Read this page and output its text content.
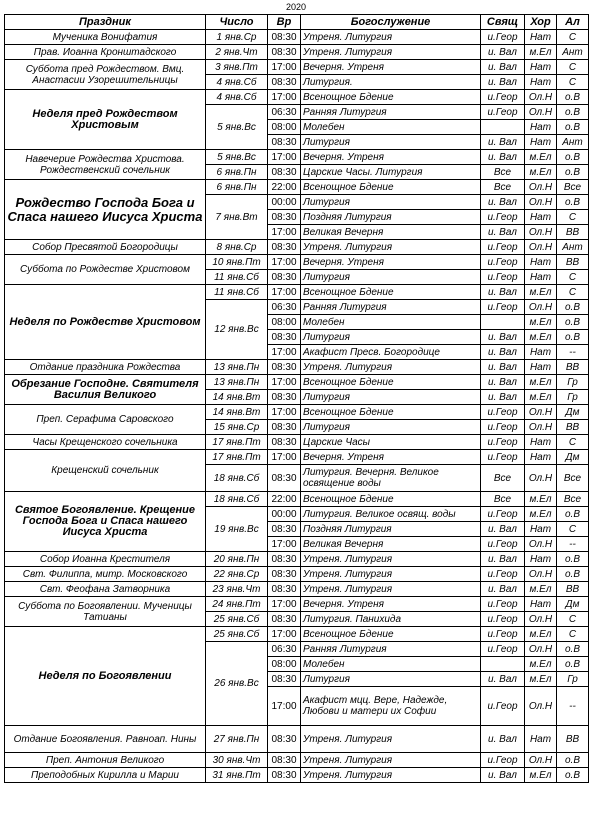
2020
Праздник	Число	Вр	Богослужение	Свящ	Хор	Ал
Мученика Вонифатия	1 янв.Ср	08:30	Утреня. Литургия	и.Геор	Нат	С
Прав. Иоанна Кронштадского	2 янв.Чт	08:30	Утреня. Литургия	и. Вал	м.Ел	Ант
Суббота пред Рождеством. Вмц. Анастасии Узорешительницы	3 янв.Пт	17:00	Вечерня. Утреня	и. Вал	Нат	С
	4 янв.Сб	08:30	Литургия.	и. Вал	Нат	С
Неделя пред Рождеством Христовым	4 янв.Сб	17:00	Всенощное Бдение	и.Геор	Ол.Н	о.В
	5 янв.Вс	06:30	Ранняя Литургия	и.Геор	Ол.Н	о.В
		08:00	Молебен		Нат	о.В
		08:30	Литургия	и. Вал	Нат	Ант
Навечерие Рождества Христова. Рождественский сочельник	5 янв.Вс	17:00	Вечерня. Утреня	и. Вал	м.Ел	о.В
	6 янв.Пн	08:30	Царские Часы. Литургия	Все	м.Ел	о.В
Рождество Господа Бога и Спаса нашего Иисуса Христа	6 янв.Пн	22:00	Всенощное Бдение	Все	Ол.Н	Все
	7 янв.Вт	00:00	Литургия	и. Вал	Ол.Н	о.В
		08:30	Поздняя Литургия	и.Геор	Нат	С
		17:00	Великая Вечерня	и. Вал	Ол.Н	ВВ
Собор Пресвятой Богородицы	8 янв.Ср	08:30	Утреня. Литургия	и.Геор	Ол.Н	Ант
Суббота по Рождестве Христовом	10 янв.Пт	17:00	Вечерня. Утреня	и.Геор	Нат	ВВ
	11 янв.Сб	08:30	Литургия	и.Геор	Нат	С
Неделя по Рождестве Христовом	11 янв.Сб	17:00	Всенощное Бдение	и. Вал	м.Ел	С
	12 янв.Вс	06:30	Ранняя Литургия	и.Геор	Ол.Н	о.В
		08:00	Молебен		м.Ел	о.В
		08:30	Литургия	и. Вал	м.Ел	о.В
		17:00	Акафист Пресв. Богородице	и. Вал	Нат	--
Отдание праздника Рождества	13 янв.Пн	08:30	Утреня. Литургия	и. Вал	Нат	ВВ
Обрезание Господне. Святителя Василия Великого	13 янв.Пн	17:00	Всенощное Бдение	и. Вал	м.Ел	Гр
	14 янв.Вт	08:30	Литургия	и. Вал	м.Ел	Гр
Преп. Серафима Саровского	14 янв.Вт	17:00	Всенощное Бдение	и.Геор	Ол.Н	Дм
	15 янв.Ср	08:30	Литургия	и.Геор	Ол.Н	ВВ
Часы Крещенского сочельника	17 янв.Пт	08:30	Царские Часы	и.Геор	Нат	С
Крещенский сочельник	17 янв.Пт	17:00	Вечерня. Утреня	и.Геор	Нат	Дм
	18 янв.Сб	08:30	Литургия. Вечерня. Великое освящение воды	Все	Ол.Н	Все
Святое Богоявление. Крещение Господа Бога и Спаса нашего Иисуса Христа	18 янв.Сб	22:00	Всенощное Бдение	Все	м.Ел	Все
	19 янв.Вс	00:00	Литургия. Великое освящ. воды	и.Геор	м.Ел	о.В
		08:30	Поздняя Литургия	и. Вал	Нат	С
		17:00	Великая Вечерня	и.Геор	Ол.Н	--
Собор Иоанна Крестителя	20 янв.Пн	08:30	Утреня. Литургия	и. Вал	Нат	о.В
Свт. Филиппа, митр. Московского	22 янв.Ср	08:30	Утреня. Литургия	и.Геор	Ол.Н	о.В
Свт. Феофана Затворника	23 янв.Чт	08:30	Утреня. Литургия	и. Вал	м.Ел	ВВ
Суббота по Богоявлении. Мученицы Татианы	24 янв.Пт	17:00	Вечерня. Утреня	и.Геор	Нат	Дм
	25 янв.Сб	08:30	Литургия. Панихида	и.Геор	Ол.Н	С
Неделя по Богоявлении	25 янв.Сб	17:00	Всенощное Бдение	и.Геор	м.Ел	С
	26 янв.Вс	06:30	Ранняя Литургия	и.Геор	Ол.Н	о.В
		08:00	Молебен		м.Ел	о.В
		08:30	Литургия	и. Вал	м.Ел	Гр
		17:00	Акафист мцц. Вере, Надежде, Любови и матери их Софии	и.Геор	Ол.Н	--
Отдание Богоявления. Равноап. Нины	27 янв.Пн	08:30	Утреня. Литургия	и. Вал	Нат	ВВ
Преп. Антония Великого	30 янв.Чт	08:30	Утреня. Литургия	и.Геор	Ол.Н	о.В
Преподобных Кирилла и Марии	31 янв.Пт	08:30	Утреня. Литургия	и. Вал	м.Ел	о.В
